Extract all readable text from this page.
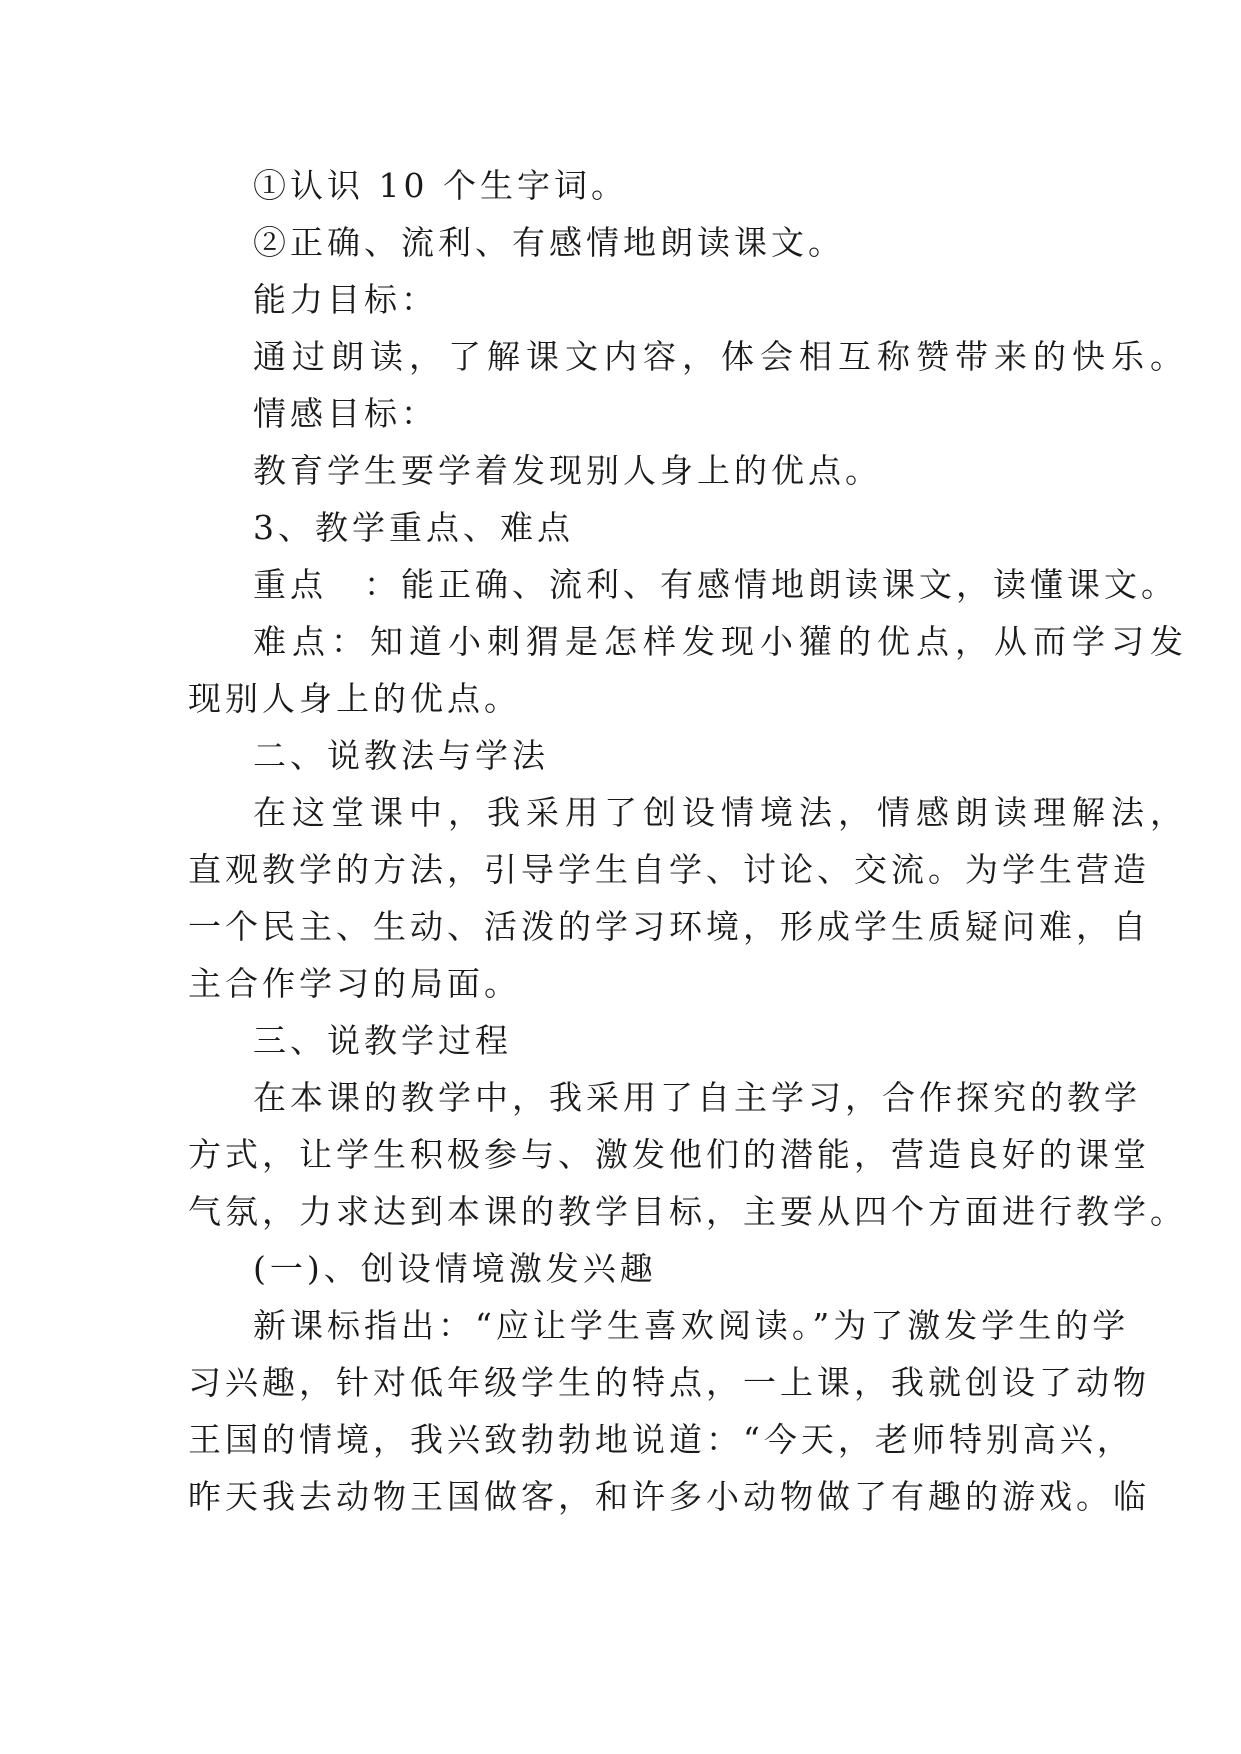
①认识 10 个生字词。
②正确、流利、有感情地朗读课文。
能力目标：
通过朗读，了解课文内容，体会相互称赞带来的快乐。
情感目标：
教育学生要学着发现别人身上的优点。
3、教学重点、难点
重点　：能正确、流利、有感情地朗读课文，读懂课文。
难点：知道小刺猬是怎样发现小獾的优点，从而学习发
现别人身上的优点。
二、说教法与学法
在这堂课中，我采用了创设情境法，情感朗读理解法，
直观教学的方法，引导学生自学、讨论、交流。为学生营造
一个民主、生动、活泼的学习环境，形成学生质疑问难，自
主合作学习的局面。
三、说教学过程
在本课的教学中，我采用了自主学习，合作探究的教学
方式，让学生积极参与、激发他们的潜能，营造良好的课堂
气氛，力求达到本课的教学目标，主要从四个方面进行教学。
(一)、创设情境激发兴趣
新课标指出：“应让学生喜欢阅读。”为了激发学生的学
习兴趣，针对低年级学生的特点，一上课，我就创设了动物
王国的情境，我兴致勃勃地说道：“今天，老师特别高兴，
昨天我去动物王国做客，和许多小动物做了有趣的游戏。临
